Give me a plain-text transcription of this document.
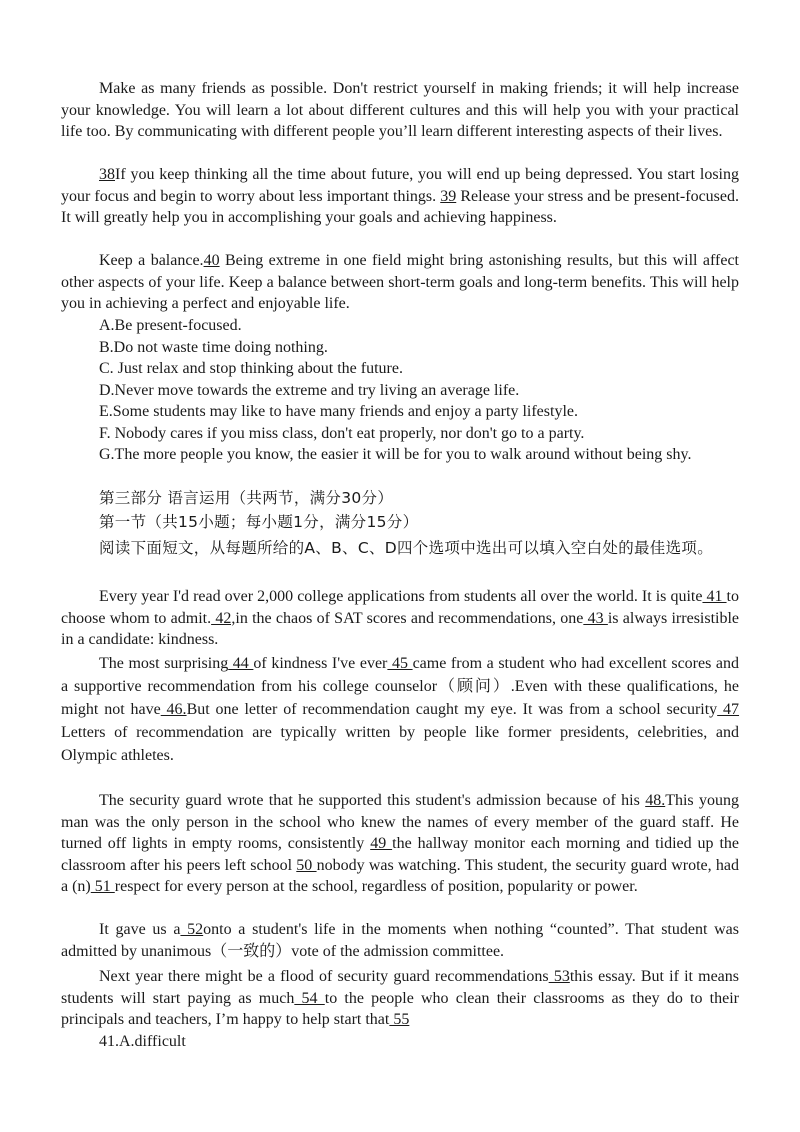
Make as many friends as possible. Don't restrict yourself in making friends; it will help increase your knowledge. You will learn a lot about different cultures and this will help you with your practical life too. By communicating with different people you’ll learn different interesting aspects of their lives.

38If you keep thinking all the time about future, you will end up being depressed. You start losing your focus and begin to worry about less important things. 39 Release your stress and be present-focused. It will greatly help you in accomplishing your goals and achieving happiness.

Keep a balance.40 Being extreme in one field might bring astonishing results, but this will affect other aspects of your life. Keep a balance between short-term goals and long-term benefits. This will help you in achieving a perfect and enjoyable life.

A.Be present-focused.

B.Do not waste time doing nothing.

C. Just relax and stop thinking about the future.

D.Never move towards the extreme and try living an average life.

E.Some students may like to have many friends and enjoy a party lifestyle.

F. Nobody cares if you miss class, don't eat properly, nor don't go to a party.

G.The more people you know, the easier it will be for you to walk around without being shy.

第三部分 语言运用（共两节，满分30分）

第一节（共15小题；每小题1分，满分15分）

阅读下面短文，从每题所给的A、B、C、D四个选项中选出可以填入空白处的最佳选项。

Every year I'd read over 2,000 college applications from students all over the world. It is quite 41 to choose whom to admit. 42,in the chaos of SAT scores and recommendations, one 43 is always irresistible in a candidate: kindness.

The most surprising 44 of kindness I've ever 45 came from a student who had excellent scores and a supportive recommendation from his college counselor（顾问）.Even with these qualifications, he might not have 46.But one letter of recommendation caught my eye. It was from a school security 47 Letters of recommendation are typically written by people like former presidents, celebrities, and Olympic athletes.

The security guard wrote that he supported this student's admission because of his 48.This young man was the only person in the school who knew the names of every member of the guard staff. He turned off lights in empty rooms, consistently 49 the hallway monitor each morning and tidied up the classroom after his peers left school 50 nobody was watching. This student, the security guard wrote, had a (n) 51 respect for every person at the school, regardless of position, popularity or power.

It gave us a 52onto a student's life in the moments when nothing “counted”. That student was admitted by unanimous（一致的）vote of the admission committee.

Next year there might be a flood of security guard recommendations 53this essay. But if it means students will start paying as much 54 to the people who clean their classrooms as they do to their principals and teachers, I’m happy to help start that 55

41.A.difficult
